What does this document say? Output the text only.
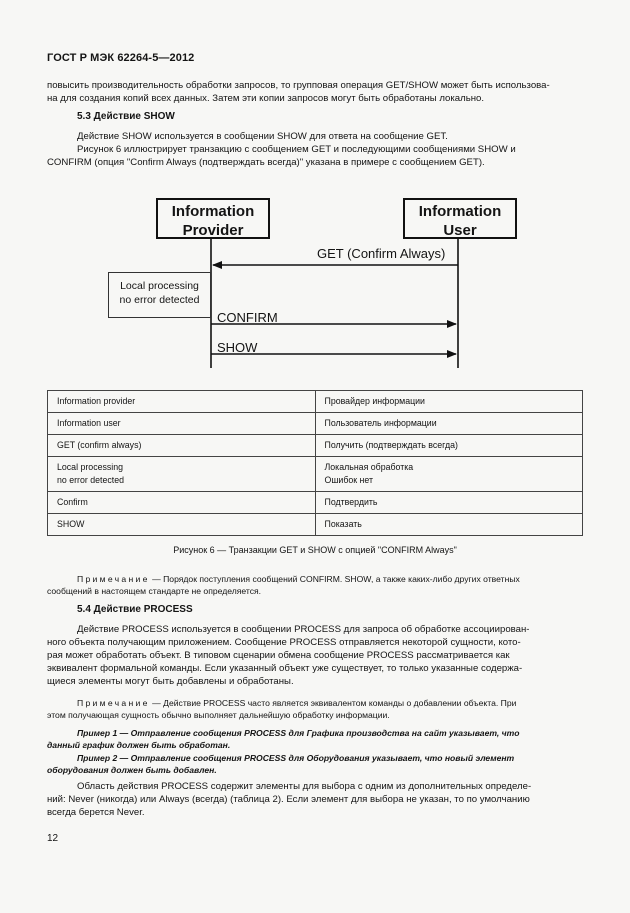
ГОСТ Р МЭК 62264-5—2012
повысить производительность обработки запросов, то групповая операция GET/SHOW может быть использова-
на для создания копий всех данных. Затем эти копии запросов могут быть обработаны локально.
5.3 Действие SHOW
Действие SHOW используется в сообщении SHOW для ответа на сообщение GET.
Рисунок 6 иллюстрирует транзакцию с сообщением GET и последующими сообщениями SHOW и
CONFIRM (опция "Confirm Always (подтверждать всегда)" указана в примере с сообщением GET).
Information
Provider
Information
User
Local processing
no error detected
GET (Confirm Always)
CONFIRM
SHOW
Information provider	Провайдер информации

Information user	Пользователь информации

GET (confirm always)	Получить (подтверждать всегда)

Local processing
no error detected	Локальная обработка
Ошибок нет

Confirm	Подтвердить

SHOW	Показать
Рисунок 6 — Транзакции GET и SHOW с опцией "CONFIRM Always"
Примечание — Порядок поступления сообщений CONFIRM. SHOW, а также каких-либо других ответных
сообщений в настоящем стандарте не определяется.
5.4 Действие PROCESS
Действие PROCESS используется в сообщении PROCESS для запроса об обработке ассоциирован-
ного объекта получающим приложением. Сообщение PROCESS отправляется некоторой сущности, кото-
рая может обработать объект. В типовом сценарии обмена сообщение PROCESS рассматривается как
эквивалент формальной команды. Если указанный объект уже существует, то только указанные содержа-
щиеся элементы могут быть добавлены и обработаны.
Примечание — Действие PROCESS часто является эквивалентом команды о добавлении объекта. При
этом получающая сущность обычно выполняет дальнейшую обработку информации.
Пример 1 — Отправление сообщения PROCESS для Графика производства на сайт указывает, что
данный график должен быть обработан.
Пример 2 — Отправление сообщения PROCESS для Оборудования указывает, что новый элемент
оборудования должен быть добавлен.
Область действия PROCESS содержит элементы для выбора с одним из дополнительных определе-
ний: Never (никогда) или Always (всегда) (таблица 2). Если элемент для выбора не указан, то по умолчанию
всегда берется Never.
12
